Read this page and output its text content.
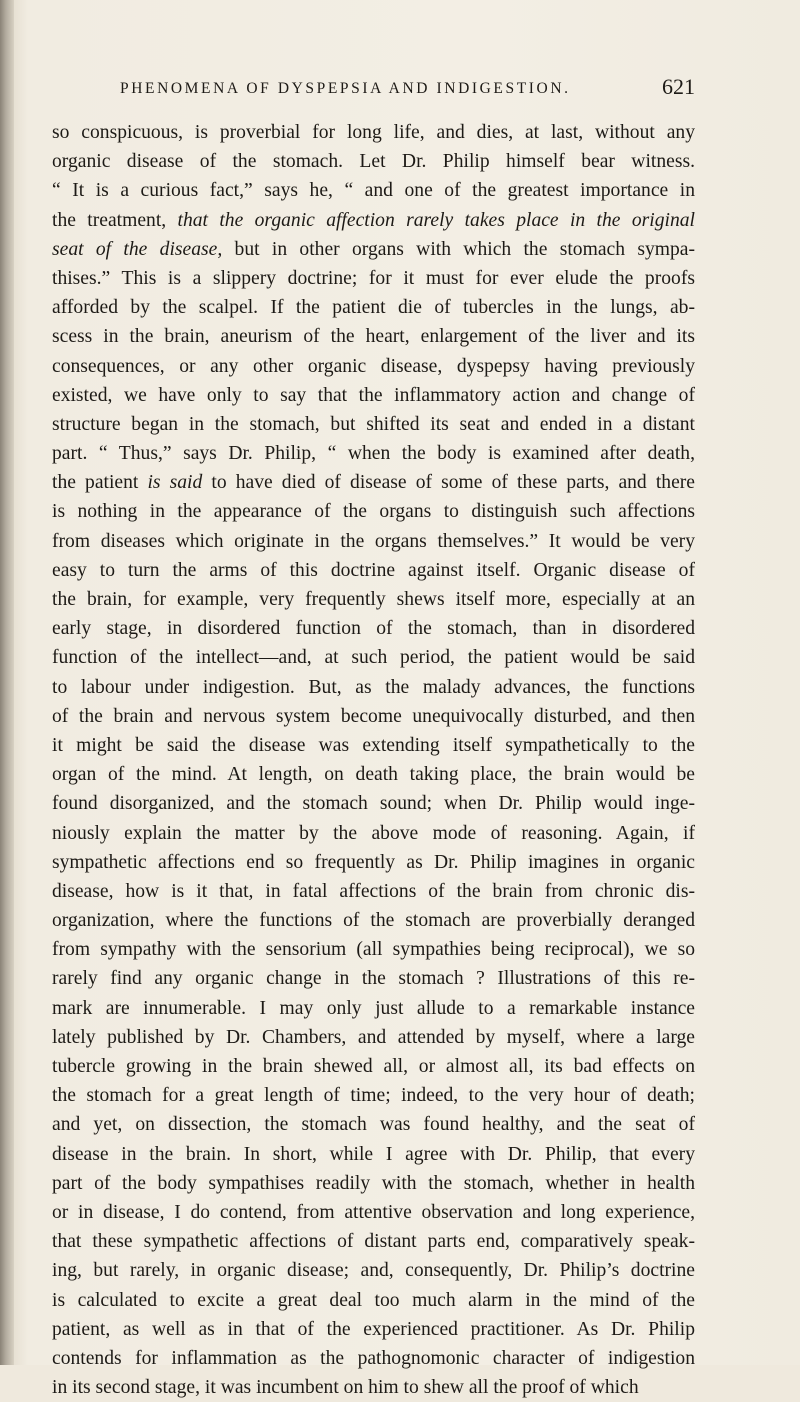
PHENOMENA OF DYSPEPSIA AND INDIGESTION.	621
so conspicuous, is proverbial for long life, and dies, at last, without any
organic disease of the stomach. Let Dr. Philip himself bear witness.
“ It is a curious fact,” says he, “ and one of the greatest importance in
the treatment, that the organic affection rarely takes place in the original
seat of the disease, but in other organs with which the stomach sympa-
thises.” This is a slippery doctrine; for it must for ever elude the proofs
afforded by the scalpel. If the patient die of tubercles in the lungs, ab-
scess in the brain, aneurism of the heart, enlargement of the liver and its
consequences, or any other organic disease, dyspepsy having previously
existed, we have only to say that the inflammatory action and change of
structure began in the stomach, but shifted its seat and ended in a distant
part. “ Thus,” says Dr. Philip, “ when the body is examined after death,
the patient is said to have died of disease of some of these parts, and there
is nothing in the appearance of the organs to distinguish such affections
from diseases which originate in the organs themselves.” It would be very
easy to turn the arms of this doctrine against itself. Organic disease of
the brain, for example, very frequently shews itself more, especially at an
early stage, in disordered function of the stomach, than in disordered
function of the intellect—and, at such period, the patient would be said
to labour under indigestion. But, as the malady advances, the functions
of the brain and nervous system become unequivocally disturbed, and then
it might be said the disease was extending itself sympathetically to the
organ of the mind. At length, on death taking place, the brain would be
found disorganized, and the stomach sound; when Dr. Philip would inge-
niously explain the matter by the above mode of reasoning. Again, if
sympathetic affections end so frequently as Dr. Philip imagines in organic
disease, how is it that, in fatal affections of the brain from chronic dis-
organization, where the functions of the stomach are proverbially deranged
from sympathy with the sensorium (all sympathies being reciprocal), we so
rarely find any organic change in the stomach ? Illustrations of this re-
mark are innumerable. I may only just allude to a remarkable instance
lately published by Dr. Chambers, and attended by myself, where a large
tubercle growing in the brain shewed all, or almost all, its bad effects on
the stomach for a great length of time; indeed, to the very hour of death;
and yet, on dissection, the stomach was found healthy, and the seat of
disease in the brain. In short, while I agree with Dr. Philip, that every
part of the body sympathises readily with the stomach, whether in health
or in disease, I do contend, from attentive observation and long experience,
that these sympathetic affections of distant parts end, comparatively speak-
ing, but rarely, in organic disease; and, consequently, Dr. Philip’s doctrine
is calculated to excite a great deal too much alarm in the mind of the
patient, as well as in that of the experienced practitioner. As Dr. Philip
contends for inflammation as the pathognomonic character of indigestion
in its second stage, it was incumbent on him to shew all the proof of which
